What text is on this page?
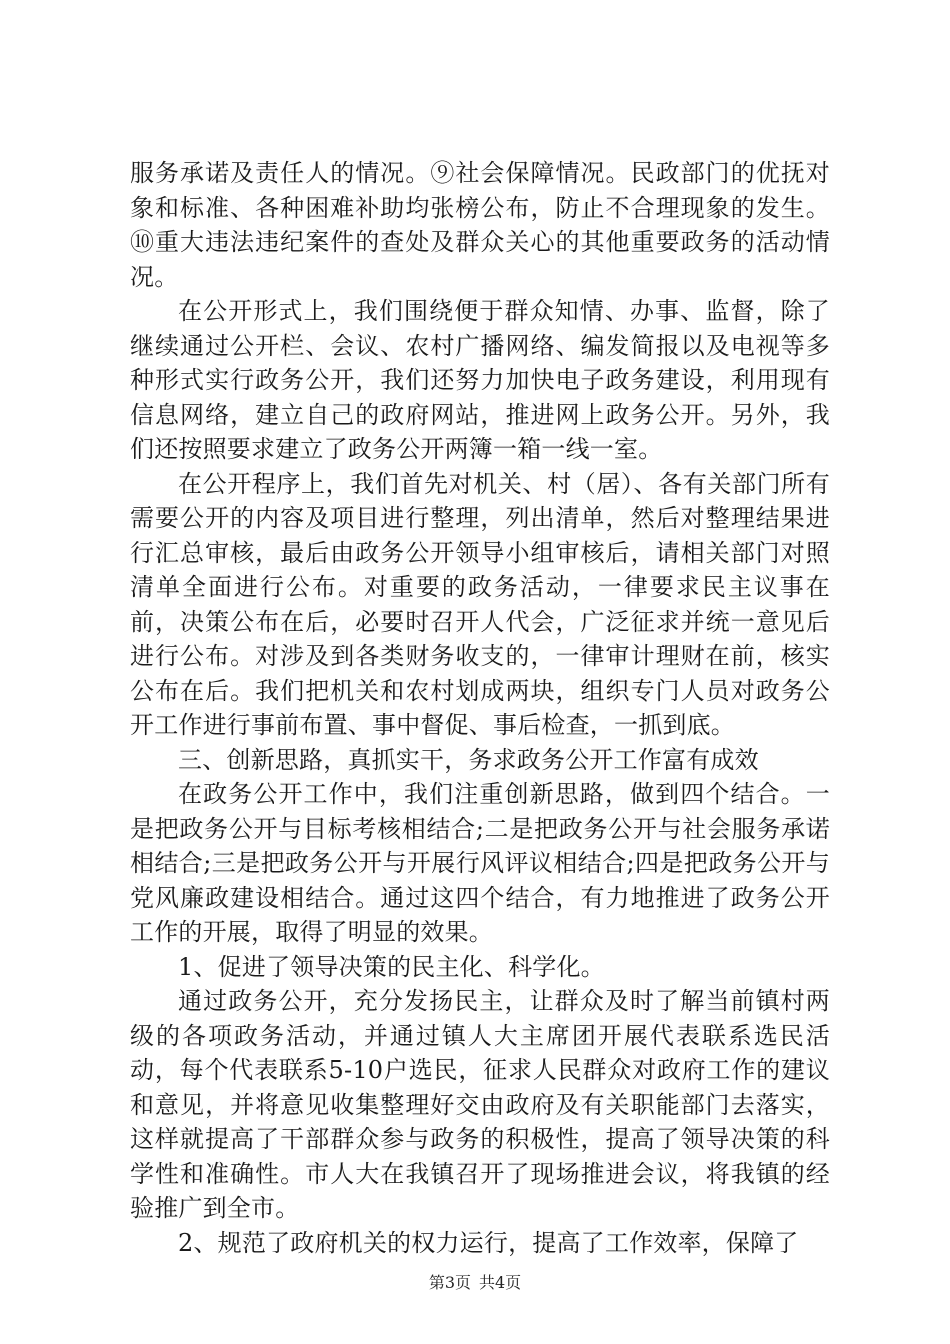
服务承诺及责任人的情况。⑨社会保障情况。民政部门的优抚对象和标准、各种困难补助均张榜公布，防止不合理现象的发生。⑩重大违法违纪案件的查处及群众关心的其他重要政务的活动情况。

在公开形式上，我们围绕便于群众知情、办事、监督，除了继续通过公开栏、会议、农村广播网络、编发简报以及电视等多种形式实行政务公开，我们还努力加快电子政务建设，利用现有信息网络，建立自己的政府网站，推进网上政务公开。另外，我们还按照要求建立了政务公开两簿一箱一线一室。

在公开程序上，我们首先对机关、村（居）、各有关部门所有需要公开的内容及项目进行整理，列出清单，然后对整理结果进行汇总审核，最后由政务公开领导小组审核后，请相关部门对照清单全面进行公布。对重要的政务活动，一律要求民主议事在前，决策公布在后，必要时召开人代会，广泛征求并统一意见后进行公布。对涉及到各类财务收支的，一律审计理财在前，核实公布在后。我们把机关和农村划成两块，组织专门人员对政务公开工作进行事前布置、事中督促、事后检查，一抓到底。

三、创新思路，真抓实干，务求政务公开工作富有成效

在政务公开工作中，我们注重创新思路，做到四个结合。一是把政务公开与目标考核相结合;二是把政务公开与社会服务承诺相结合;三是把政务公开与开展行风评议相结合;四是把政务公开与党风廉政建设相结合。通过这四个结合，有力地推进了政务公开工作的开展，取得了明显的效果。

1、促进了领导决策的民主化、科学化。

通过政务公开，充分发扬民主，让群众及时了解当前镇村两级的各项政务活动，并通过镇人大主席团开展代表联系选民活动，每个代表联系5-10户选民，征求人民群众对政府工作的建议和意见，并将意见收集整理好交由政府及有关职能部门去落实，这样就提高了干部群众参与政务的积极性，提高了领导决策的科学性和准确性。市人大在我镇召开了现场推进会议，将我镇的经验推广到全市。

2、规范了政府机关的权力运行，提高了工作效率，保障了

第3页 共4页
